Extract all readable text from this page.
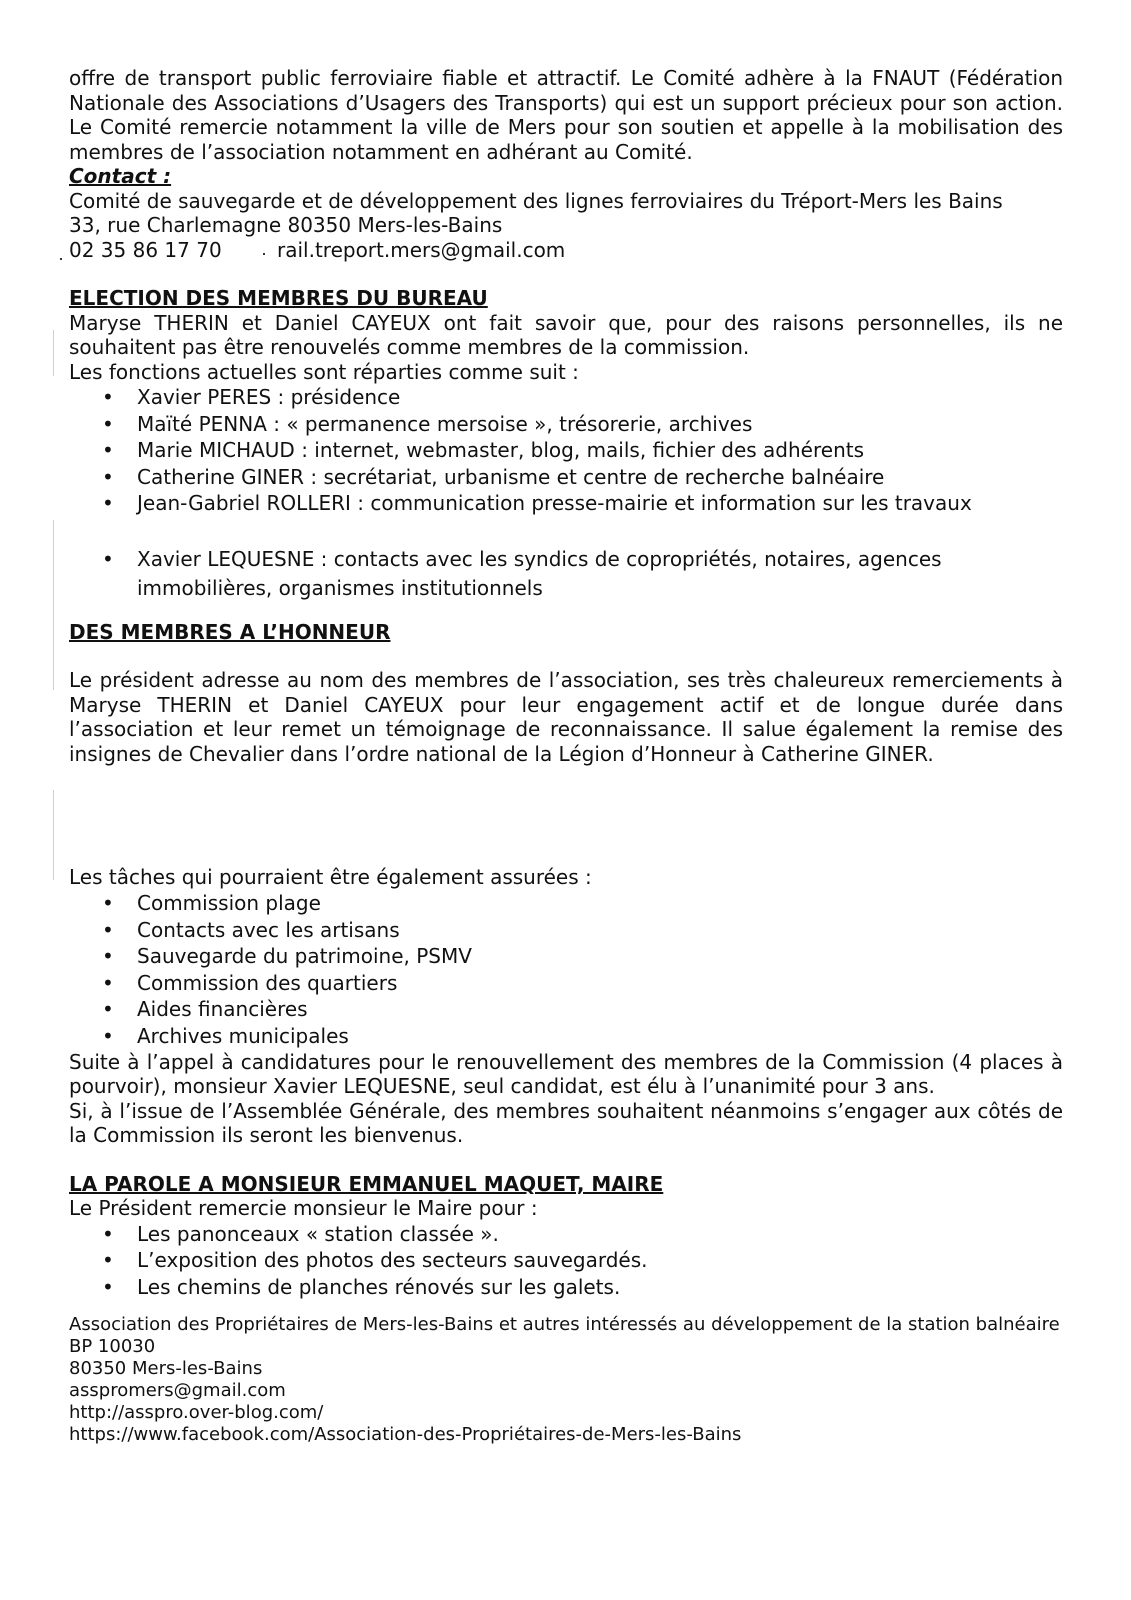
offre de transport public ferroviaire fiable et attractif. Le Comité adhère à la FNAUT (Fédération Nationale des Associations d’Usagers des Transports) qui est un support précieux pour son action. Le Comité remercie notamment la ville de Mers pour son soutien et appelle à la mobilisation des membres de l’association notamment en adhérant au Comité.

Contact :

Comité de sauvegarde et de développement des lignes ferroviaires du Tréport-Mers les Bains

33, rue Charlemagne 80350 Mers-les-Bains

02 35 86 17 70	rail.treport.mers@gmail.com

ELECTION DES MEMBRES DU BUREAU

Maryse THERIN et Daniel CAYEUX ont fait savoir que, pour des raisons personnelles, ils ne souhaitent pas être renouvelés comme membres de la commission.

Les fonctions actuelles sont réparties comme suit :

• Xavier PERES : présidence
• Maïté PENNA : « permanence mersoise », trésorerie, archives
• Marie MICHAUD : internet, webmaster, blog, mails, fichier des adhérents
• Catherine GINER : secrétariat, urbanisme et centre de recherche balnéaire
• Jean-Gabriel ROLLERI : communication presse-mairie et information sur les travaux
• Xavier LEQUESNE : contacts avec les syndics de copropriétés, notaires, agences immobilières, organismes institutionnels

DES MEMBRES A L’HONNEUR

Le président adresse au nom des membres de l’association, ses très chaleureux remerciements à Maryse THERIN et Daniel CAYEUX pour leur engagement actif et de longue durée dans l’association et leur remet un témoignage de reconnaissance. Il salue également la remise des insignes de Chevalier dans l’ordre national de la Légion d’Honneur à Catherine GINER.

Les tâches qui pourraient être également assurées :

• Commission plage
• Contacts avec les artisans
• Sauvegarde du patrimoine, PSMV
• Commission des quartiers
• Aides financières
• Archives municipales

Suite à l’appel à candidatures pour le renouvellement des membres de la Commission (4 places à pourvoir), monsieur Xavier LEQUESNE, seul candidat, est élu à l’unanimité pour 3 ans.

Si, à l’issue de l’Assemblée Générale, des membres souhaitent néanmoins s’engager aux côtés de la Commission ils seront les bienvenus.

LA PAROLE A MONSIEUR EMMANUEL MAQUET, MAIRE

Le Président remercie monsieur le Maire pour :

• Les panonceaux « station classée ».
• L’exposition des photos des secteurs sauvegardés.
• Les chemins de planches rénovés sur les galets.

Association des Propriétaires de Mers-les-Bains et autres intéressés au développement de la station balnéaire

BP 10030

80350 Mers-les-Bains

asspromers@gmail.com

http://asspro.over-blog.com/

https://www.facebook.com/Association-des-Propriétaires-de-Mers-les-Bains
